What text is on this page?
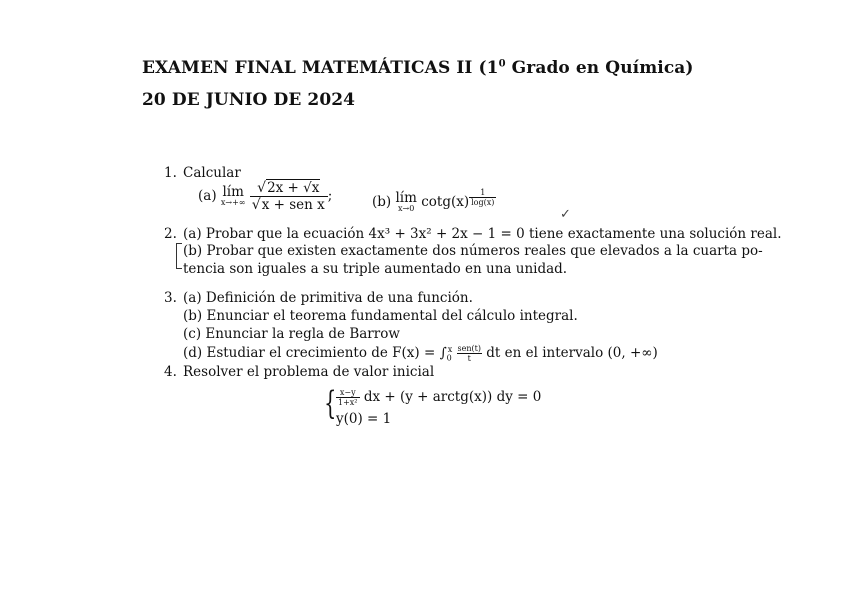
EXAMEN FINAL MATEMÁTICAS II ($1^0$ Grado en Química)
20 DE JUNIO DE 2024
1. Calcular
(a) lím
x→+∞
$\frac{√2x + √x}{\text{√x + sen x}}$ ;	(b) lím
x→0 cotg(x) $^{\frac{1}{\log(x)}}$
✓
2. (a) Probar que la ecuación 4x³ + 3x² + 2x − 1 = 0 tiene exactamente una solución real.
(b) Probar que existen exactamente dos números reales que elevados a la cuarta po-
tencia son iguales a su triple aumentado en una unidad.
3. (a) Definición de primitiva de una función.
(b) Enunciar el teorema fundamental del cálculo integral.
(c) Enunciar la regla de Barrow
(d) Estudiar el crecimiento de $F(x) = \int_0^x \frac{\text{sen(t)}}{t}$ dt en el intervalo (0, +∞)
4. Resolver el problema de valor inicial
{ $\frac{x-y}{\text{1+x²}}$ dx + (y + arctg(x)) dy = 0
y(0) = 1
